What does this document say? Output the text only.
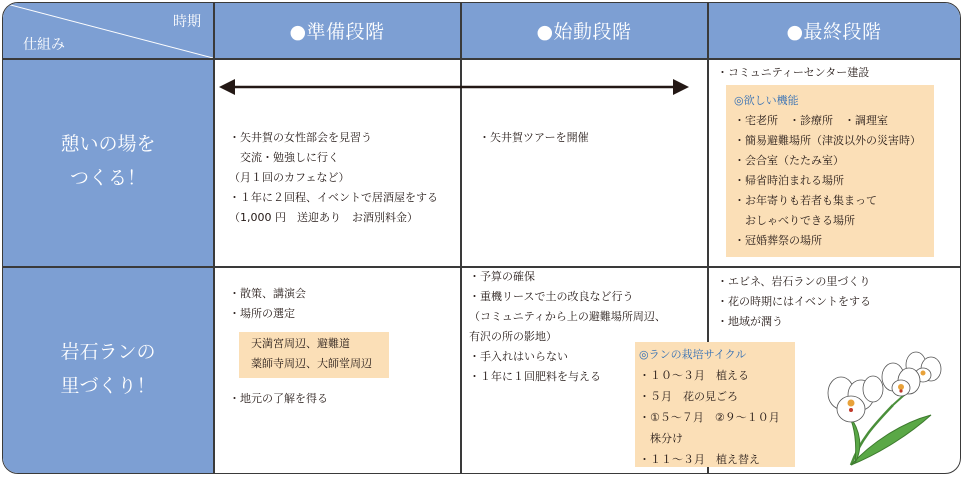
時期
仕組み
●準備段階	●始動段階	●最終段階
憩いの場を
つくる！
岩石ランの
里づくり！
・矢井賀の女性部会を見習う
　交流・勉強しに行く
（月１回のカフェなど）
・１年に２回程、イベントで居酒屋をする
（1,000 円　送迎あり　お酒別料金）
・矢井賀ツアーを開催
・コミュニティーセンター建設
◎欲しい機能
・宅老所　・診療所　・調理室
・簡易避難場所（津波以外の災害時）
・会合室（たたみ室）
・帰省時泊まれる場所
・お年寄りも若者も集まって
　おしゃべりできる場所
・冠婚葬祭の場所
・散策、講演会
・場所の選定
天満宮周辺、避難道
薬師寺周辺、大師堂周辺
・地元の了解を得る
・予算の確保
・重機リースで土の改良など行う
（コミュニティから上の避難場所周辺、
有沢の所の影地）
・手入れはいらない
・１年に１回肥料を与える
・エビネ、岩石ランの里づくり
・花の時期にはイベントをする
・地域が潤う
◎ランの栽培サイクル
・１０～３月　植える
・５月　花の見ごろ
・①５～７月　②９～１０月
　株分け
・１１～３月　植え替え
